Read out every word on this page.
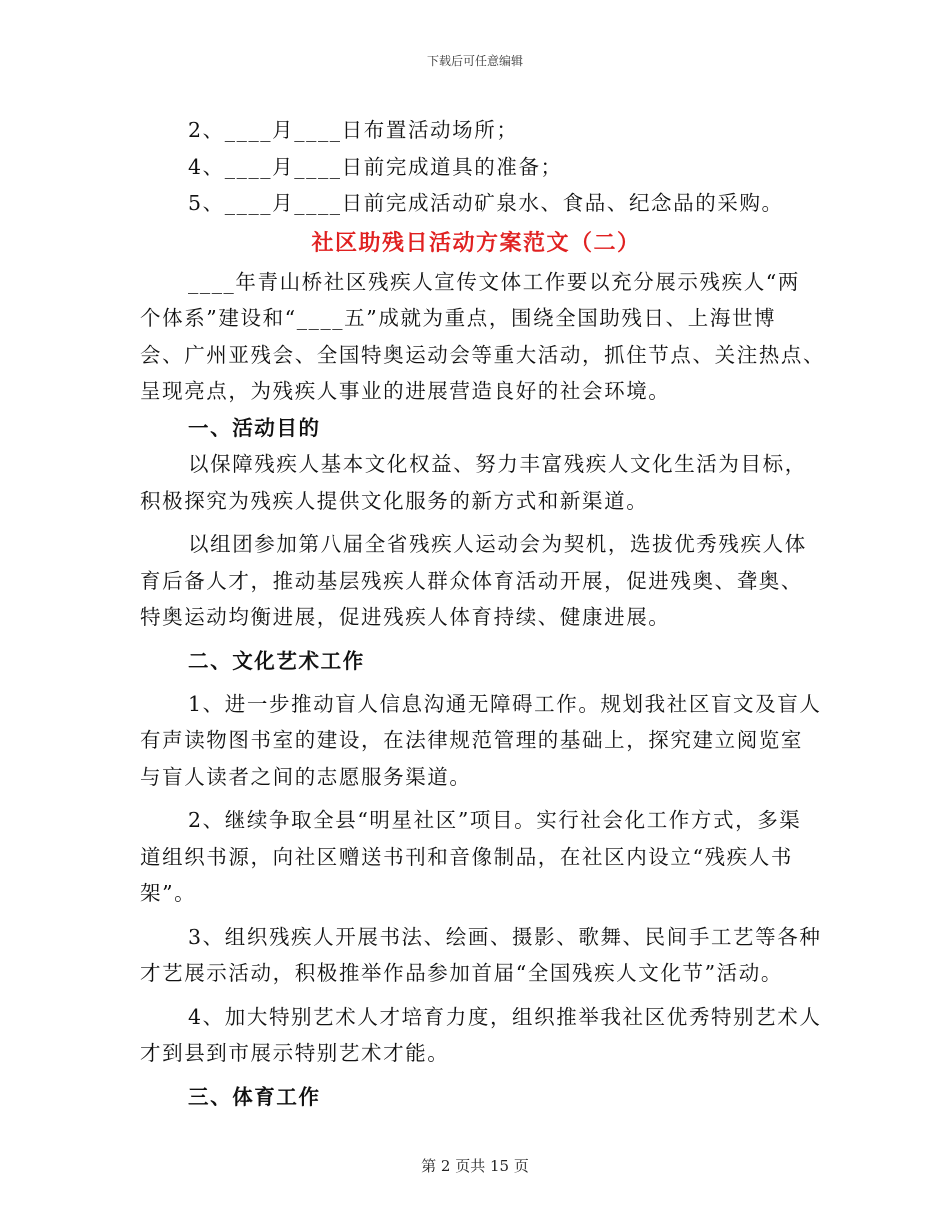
下载后可任意编辑
2、____月____日布置活动场所；
4、____月____日前完成道具的准备；
5、____月____日前完成活动矿泉水、食品、纪念品的采购。
社区助残日活动方案范文（二）
____年青山桥社区残疾人宣传文体工作要以充分展示残疾人“两
个体系”建设和“____五”成就为重点，围绕全国助残日、上海世博
会、广州亚残会、全国特奥运动会等重大活动，抓住节点、关注热点、
呈现亮点，为残疾人事业的进展营造良好的社会环境。
一、活动目的
以保障残疾人基本文化权益、努力丰富残疾人文化生活为目标，
积极探究为残疾人提供文化服务的新方式和新渠道。
以组团参加第八届全省残疾人运动会为契机，选拔优秀残疾人体
育后备人才，推动基层残疾人群众体育活动开展，促进残奥、聋奥、
特奥运动均衡进展，促进残疾人体育持续、健康进展。
二、文化艺术工作
1、进一步推动盲人信息沟通无障碍工作。规划我社区盲文及盲人
有声读物图书室的建设，在法律规范管理的基础上，探究建立阅览室
与盲人读者之间的志愿服务渠道。
2、继续争取全县“明星社区”项目。实行社会化工作方式，多渠
道组织书源，向社区赠送书刊和音像制品，在社区内设立“残疾人书
架”。
3、组织残疾人开展书法、绘画、摄影、歌舞、民间手工艺等各种
才艺展示活动，积极推举作品参加首届“全国残疾人文化节”活动。
4、加大特别艺术人才培育力度，组织推举我社区优秀特别艺术人
才到县到市展示特别艺术才能。
三、体育工作
第 2 页共 15 页
